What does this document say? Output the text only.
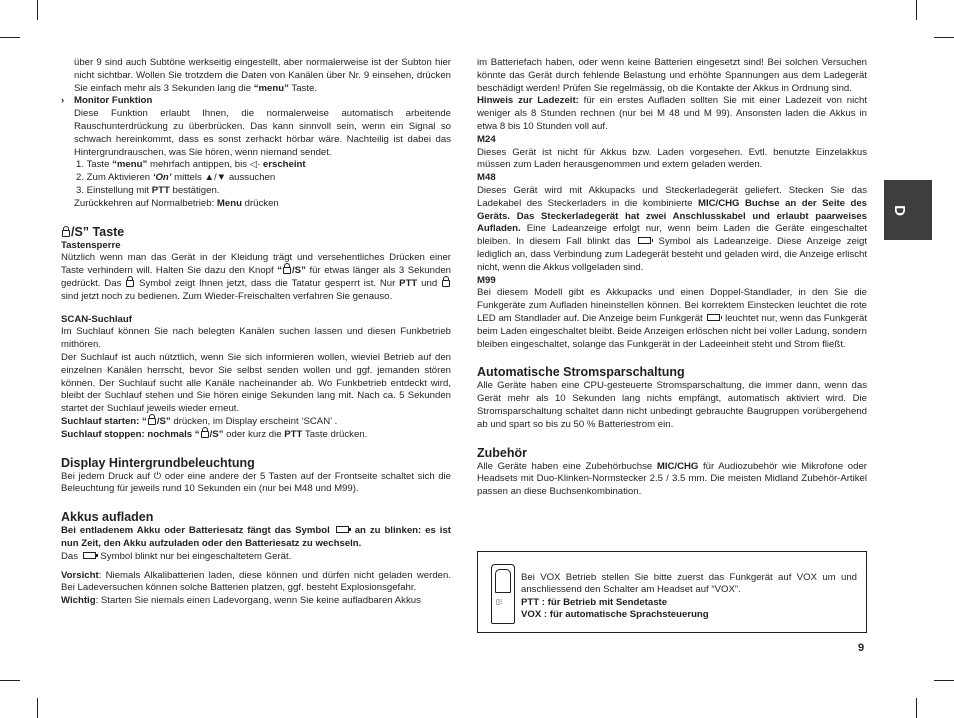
über 9 sind auch Subtöne werkseitig eingestellt, aber normalerweise ist der Subton hier nicht sichtbar. Wollen Sie trotzdem die Daten von Kanälen über Nr. 9 einsehen, drücken Sie einfach mehr als 3 Sekunden lang die “menu” Taste.

› Monitor Funktion

Diese Funktion erlaubt Ihnen, die normalerweise automatisch arbeitende Rauschunterdrückung zu überbrücken. Das kann sinnvoll sein, wenn ein Signal so schwach hereinkommt, dass es sonst zerhackt hörbar wäre. Nachteilig ist dabei das Hintergrundrauschen, was Sie hören, wenn niemand sendet.

1. Taste “menu” mehrfach antippen, bis ◁· erscheint

2. Zum Aktivieren ‘On’ mittels ▲/▼ aussuchen

3. Einstellung mit PTT bestätigen.

Zurückkehren auf Normalbetrieb: Menu drücken

/S” Taste

Tastensperre

Nützlich wenn man das Gerät in der Kleidung trägt und versehentliches Drücken einer Taste verhindern will. Halten Sie dazu den Knopf “ /S” für etwas länger als 3 Sekunden gedrückt. Das  Symbol zeigt Ihnen jetzt, dass die Tatatur gesperrt ist. Nur PTT und  sind jetzt noch zu bedienen. Zum Wieder-Freischalten verfahren Sie genauso.

SCAN-Suchlauf

Im Suchlauf können Sie nach belegten Kanälen suchen lassen und diesen Funkbetrieb mithören.

Der Suchlauf ist auch nütztlich, wenn Sie sich informieren wollen, wieviel Betrieb auf den einzelnen Kanälen herrscht, bevor Sie selbst senden wollen und ggf. jemanden stören können. Der Suchlauf sucht alle Kanäle nacheinander ab. Wo Funkbetrieb entdeckt wird, bleibt der Suchlauf stehen und Sie hören einige Sekunden lang mit. Nach ca. 5 Sekunden startet der Suchlauf jeweils wieder erneut.

Suchlauf starten: “ /S” drücken, im Display erscheint ‘SCAN’ .

Suchlauf stoppen: nochmals “ /S” oder kurz die PTT Taste drücken.

Display Hintergrundbeleuchtung

Bei jedem Druck auf ⏻ oder eine andere der 5 Tasten auf der Frontseite schaltet sich die Beleuchtung für jeweils rund 10 Sekunden ein (nur bei M48 und M99).

Akkus aufladen

Bei entladenem Akku oder Batteriesatz fängt das Symbol  an zu blinken: es ist nun Zeit, den Akku aufzuladen oder den Batteriesatz zu wechseln.

Das  Symbol blinkt nur bei eingeschaltetem Gerät.

Vorsicht: Niemals Alkalibatterien laden, diese können und dürfen nicht geladen werden. Bei Ladeversuchen können solche Batterien platzen, ggf. besteht Explosionsgefahr.

Wichtig: Starten Sie niemals einen Ladevorgang, wenn Sie keine aufladbaren Akkus

im Batteriefach haben, oder wenn keine Batterien eingesetzt sind! Bei solchen Versuchen könnte das Gerät durch fehlende Belastung und erhöhte Spannungen aus dem Ladegerät beschädigt werden! Prüfen Sie regelmässig, ob die Kontakte der Akkus in Ordnung sind.

Hinweis zur Ladezeit: für ein erstes Aufladen sollten Sie mit einer Ladezeit von nicht weniger als 8 Stunden rechnen (nur bei M 48 und M 99). Ansonsten laden die Akkus in etwa 8 bis 10 Stunden voll auf.

M24

Dieses Gerät ist nicht für Akkus bzw. Laden vorgesehen. Evtl. benutzte Einzelakkus müssen zum Laden herausgenommen und extern geladen werden.

M48

Dieses Gerät wird mit Akkupacks und Steckerladegerät geliefert. Stecken Sie das Ladekabel des Steckerladers in die kombinierte MIC/CHG Buchse an der Seite des Geräts. Das Steckerladegerät hat zwei Anschlusskabel und erlaubt paarweises Aufladen. Eine Ladeanzeige erfolgt nur, wenn beim Laden die Geräte eingeschaltet bleiben. In diesem Fall blinkt das  Symbol als Ladeanzeige. Diese Anzeige zeigt lediglich an, dass Verbindung zum Ladegerät besteht und geladen wird, die Anzeige erlischt nicht, wenn die Akkus vollgeladen sind.

M99

Bei diesem Modell gibt es Akkupacks und einen Doppel-Standlader, in den Sie die Funkgeräte zum Aufladen hineinstellen können. Bei korrektem Einstecken leuchtet die rote LED am Standlader auf. Die Anzeige beim Funkgerät  leuchtet nur, wenn das Funkgerät beim Laden eingeschaltet bleibt. Beide Anzeigen erlöschen nicht bei voller Ladung, sondern bleiben eingeschaltet, solange das Funkgerät in der Ladeeinheit steht und Strom fließt.

Automatische Stromsparschaltung

Alle Geräte haben eine CPU-gesteuerte Stromsparschaltung, die immer dann, wenn das Gerät mehr als 10 Sekunden lang nichts empfängt, automatisch aktiviert wird. Die Stromsparschaltung schaltet dann nicht unbedingt gebrauchte Baugruppen vorübergehend ab und spart so bis zu 50 % Batteriestrom ein.

Zubehör

Alle Geräte haben eine Zubehörbuchse MIC/CHG für Audiozubehör wie Mikrofone oder Headsets mit Duo-Klinken-Normstecker 2.5 / 3.5 mm. Die meisten Midland Zubehör-Artikel passen an diese Buchsenkombination.

▯⁝

Bei VOX Betrieb stellen Sie bitte zuerst das Funkgerät auf VOX um und anschliessend den Schalter am Headset auf “VOX”.

PTT : für Betrieb mit Sendetaste

VOX : für automatische Sprachsteuerung

D
9
